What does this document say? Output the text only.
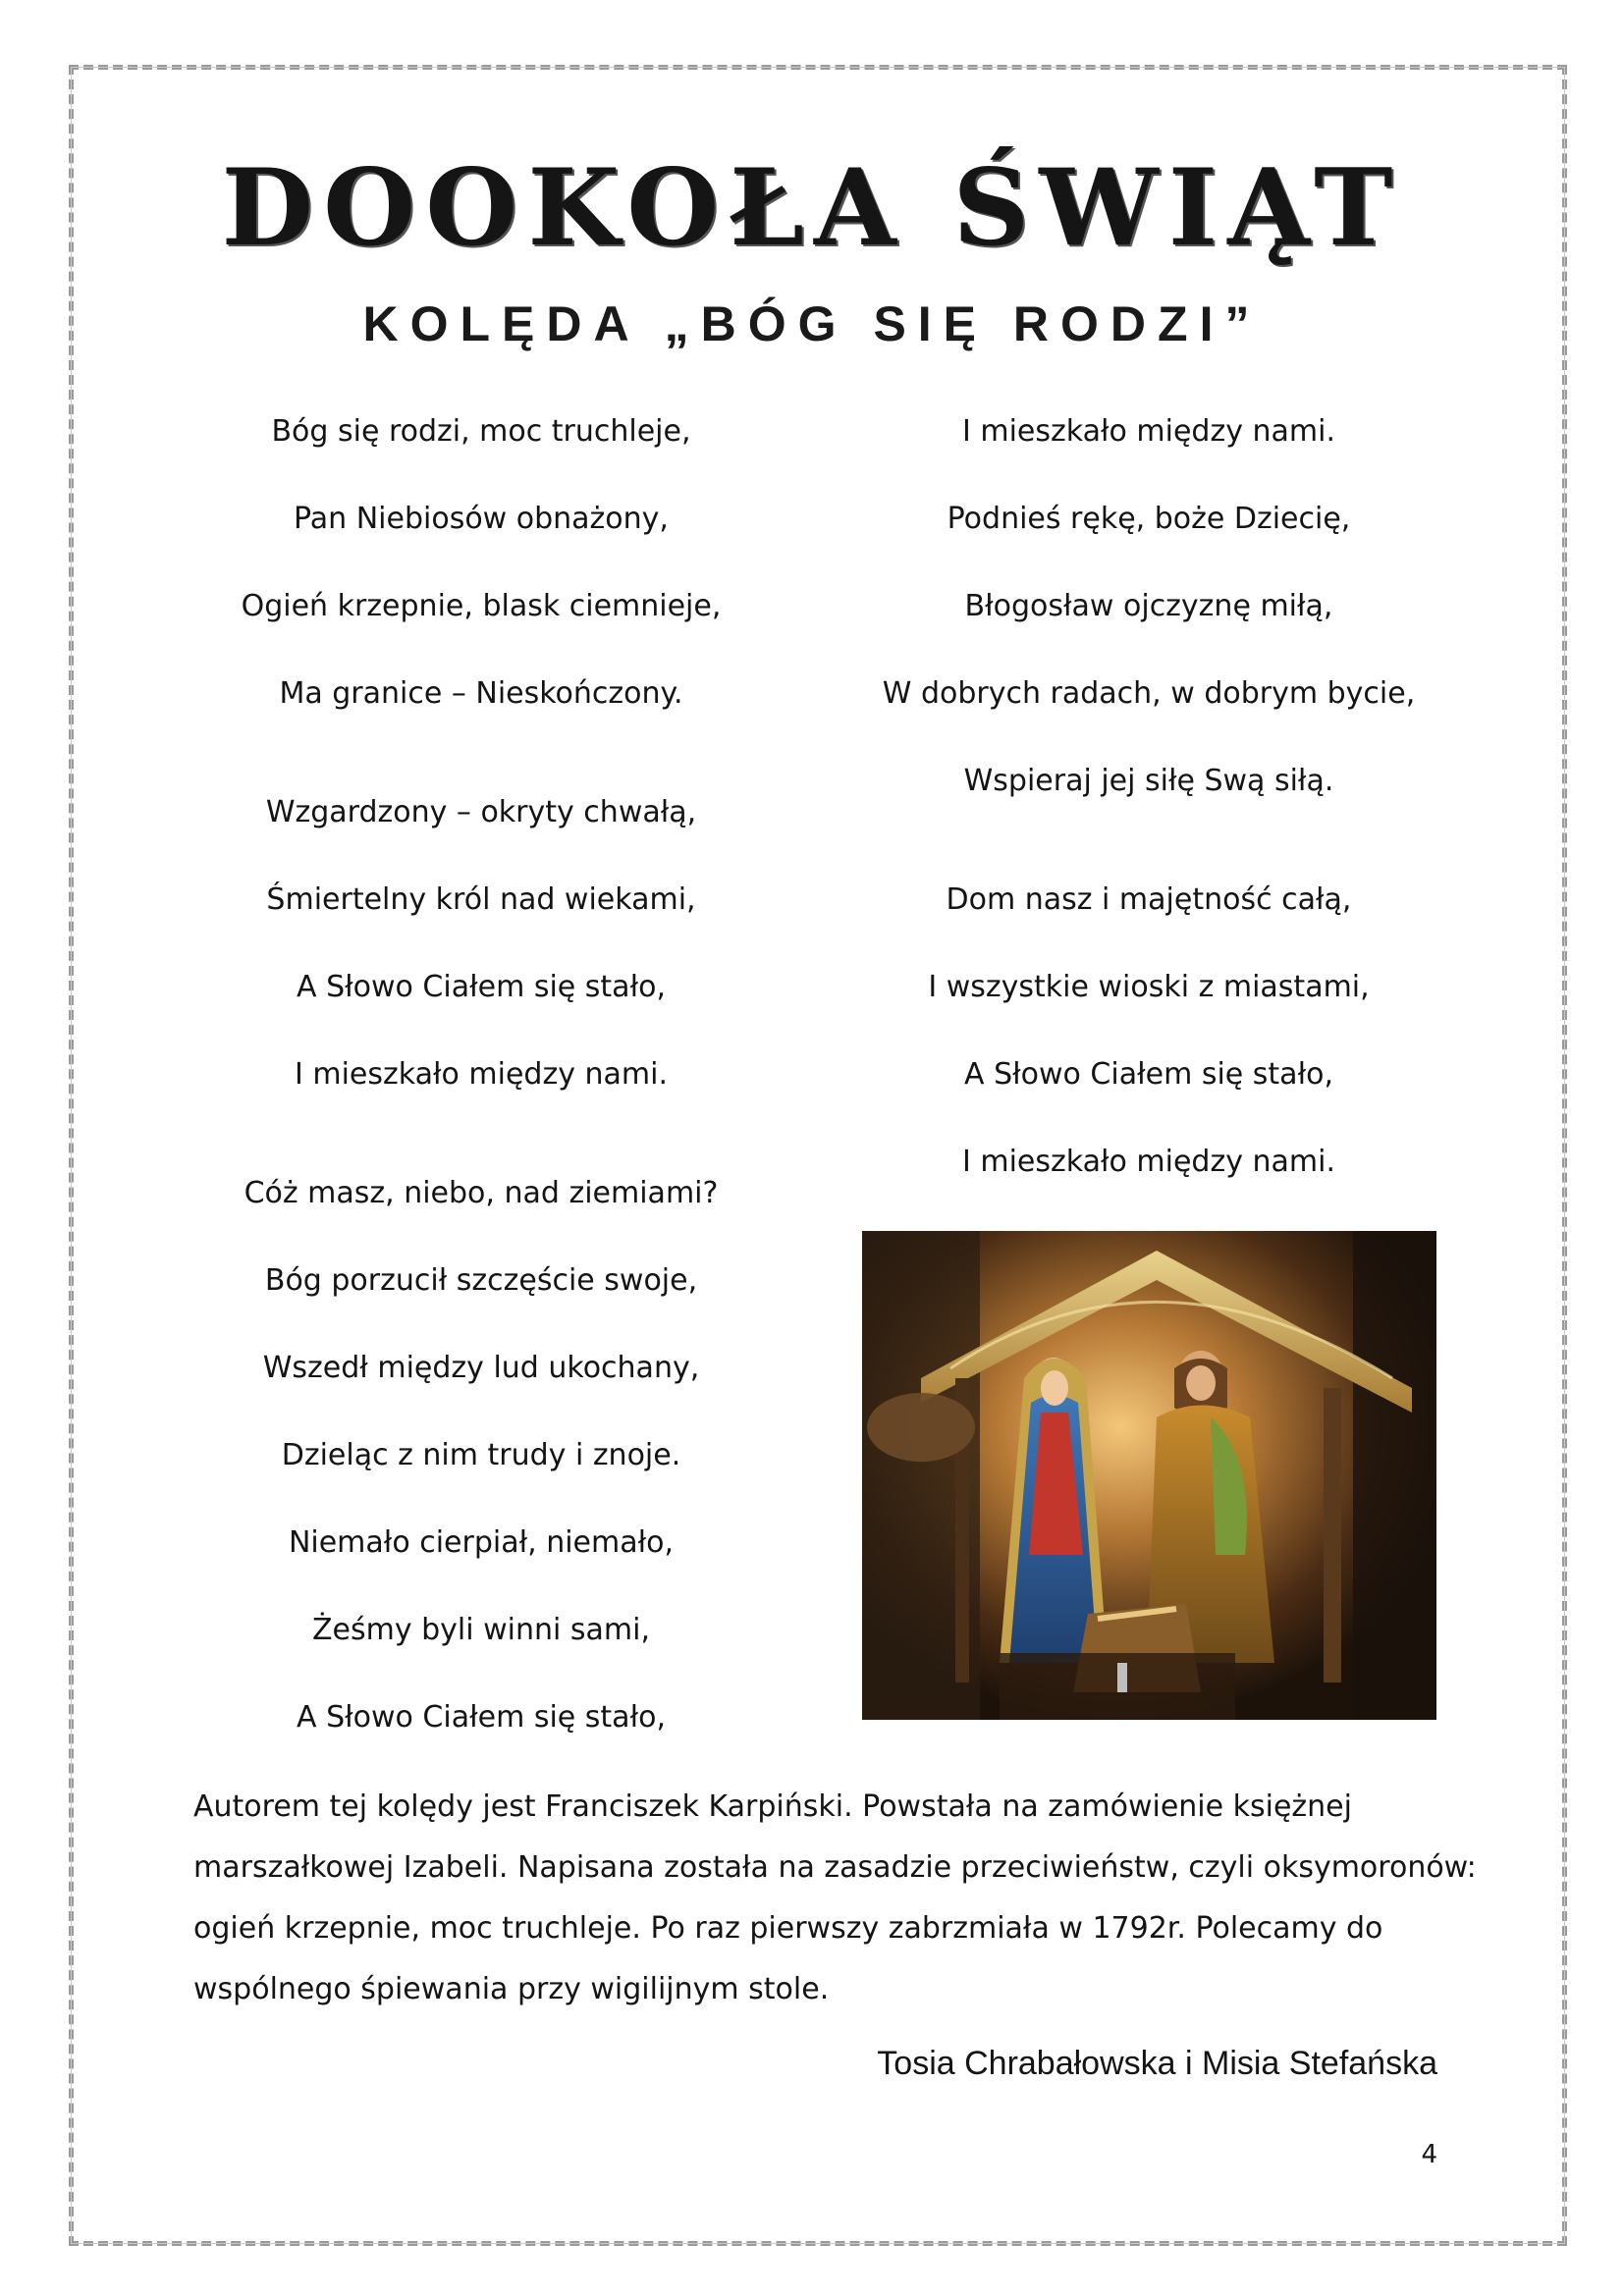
DOOKOŁA ŚWIĄT
KOLĘDA „BÓG SIĘ RODZI”
Bóg się rodzi, moc truchleje,
Pan Niebiosów obnażony,
Ogień krzepnie, blask ciemnieje,
Ma granice – Nieskończony.
Wzgardzony – okryty chwałą,
Śmiertelny król nad wiekami,
A Słowo Ciałem się stało,
I mieszkało między nami.
Cóż masz, niebo, nad ziemiami?
Bóg porzucił szczęście swoje,
Wszedł między lud ukochany,
Dzieląc z nim trudy i znoje.
Niemało cierpiał, niemało,
Żeśmy byli winni sami,
A Słowo Ciałem się stało,
I mieszkało między nami.
Podnieś rękę, boże Dziecię,
Błogosław ojczyznę miłą,
W dobrych radach, w dobrym bycie,
Wspieraj jej siłę Swą siłą.
Dom nasz i majętność całą,
I wszystkie wioski z miastami,
A Słowo Ciałem się stało,
I mieszkało między nami.
Autorem tej kolędy jest Franciszek Karpiński. Powstała na zamówienie księżnej
marszałkowej Izabeli. Napisana została na zasadzie przeciwieństw, czyli oksymoronów:
ogień krzepnie, moc truchleje. Po raz pierwszy zabrzmiała w 1792r. Polecamy do
wspólnego śpiewania przy wigilijnym stole.
Tosia Chrabałowska i Misia Stefańska
4
